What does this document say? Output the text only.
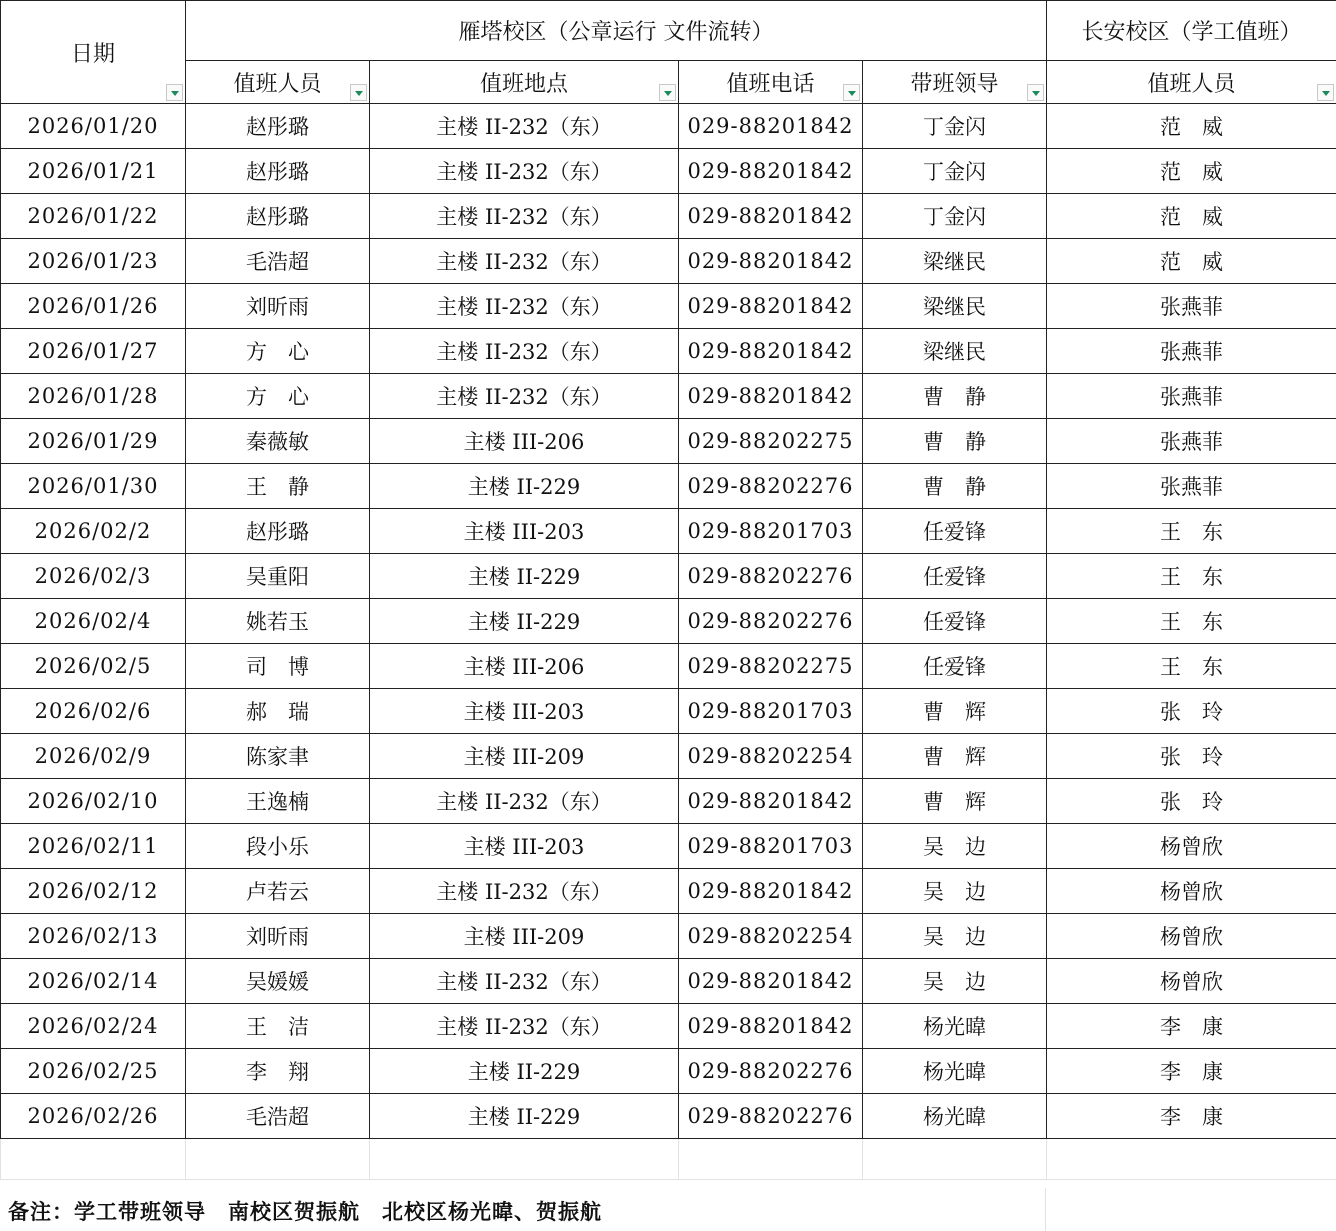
日期	雁塔校区（公章运行 文件流转）				长安校区（学工值班）
	值班人员	值班地点	值班电话	带班领导	值班人员

2026/01/20	赵彤璐	主楼 II-232（东）	029-88201842	丁金闪	范　威
2026/01/21	赵彤璐	主楼 II-232（东）	029-88201842	丁金闪	范　威
2026/01/22	赵彤璐	主楼 II-232（东）	029-88201842	丁金闪	范　威
2026/01/23	毛浩超	主楼 II-232（东）	029-88201842	梁继民	范　威
2026/01/26	刘昕雨	主楼 II-232（东）	029-88201842	梁继民	张燕菲
2026/01/27	方　心	主楼 II-232（东）	029-88201842	梁继民	张燕菲
2026/01/28	方　心	主楼 II-232（东）	029-88201842	曹　静	张燕菲
2026/01/29	秦薇敏	主楼 III-206	029-88202275	曹　静	张燕菲
2026/01/30	王　静	主楼 II-229	029-88202276	曹　静	张燕菲
2026/02/2	赵彤璐	主楼 III-203	029-88201703	任爱锋	王　东
2026/02/3	吴重阳	主楼 II-229	029-88202276	任爱锋	王　东
2026/02/4	姚若玉	主楼 II-229	029-88202276	任爱锋	王　东
2026/02/5	司　博	主楼 III-206	029-88202275	任爱锋	王　东
2026/02/6	郝　瑞	主楼 III-203	029-88201703	曹　辉	张　玲
2026/02/9	陈家聿	主楼 III-209	029-88202254	曹　辉	张　玲
2026/02/10	王逸楠	主楼 II-232（东）	029-88201842	曹　辉	张　玲
2026/02/11	段小乐	主楼 III-203	029-88201703	吴　边	杨曾欣
2026/02/12	卢若云	主楼 II-232（东）	029-88201842	吴　边	杨曾欣
2026/02/13	刘昕雨	主楼 III-209	029-88202254	吴　边	杨曾欣
2026/02/14	吴媛媛	主楼 II-232（东）	029-88201842	吴　边	杨曾欣
2026/02/24	王　洁	主楼 II-232（东）	029-88201842	杨光暐	李　康
2026/02/25	李　翔	主楼 II-229	029-88202276	杨光暐	李　康
2026/02/26	毛浩超	主楼 II-229	029-88202276	杨光暐	李　康

备注：学工带班领导　南校区贺振航　北校区杨光暐、贺振航
